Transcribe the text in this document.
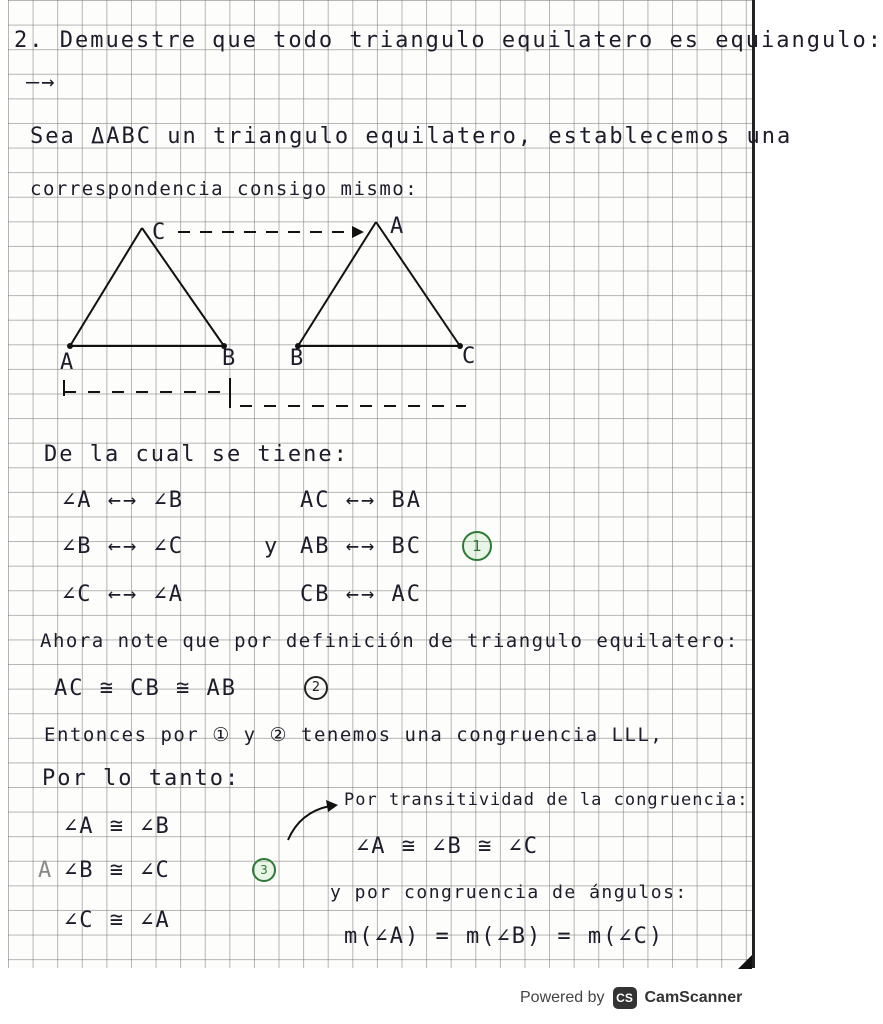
2. Demuestre que todo triangulo equilatero es equiangulo:
—→
Sea ΔABC un triangulo equilatero, establecemos una
correspondencia consigo mismo:
C
A	B
A
B	C
De la cual se tiene:
∠A ←→ ∠B	AC ←→ BA
∠B ←→ ∠C	y AB ←→ BC	1
∠C ←→ ∠A	CB ←→ AC
Ahora note que por definición de triangulo equilatero:
AC ≅ CB ≅ AB	2
Entonces por ① y ② tenemos una congruencia LLL,
Por lo tanto:
∠A ≅ ∠B
A ∠B ≅ ∠C	3
∠C ≅ ∠A
Por transitividad de la congruencia:
∠A ≅ ∠B ≅ ∠C
y por congruencia de ángulos:
m(∠A) = m(∠B) = m(∠C)
Powered by CS CamScanner
